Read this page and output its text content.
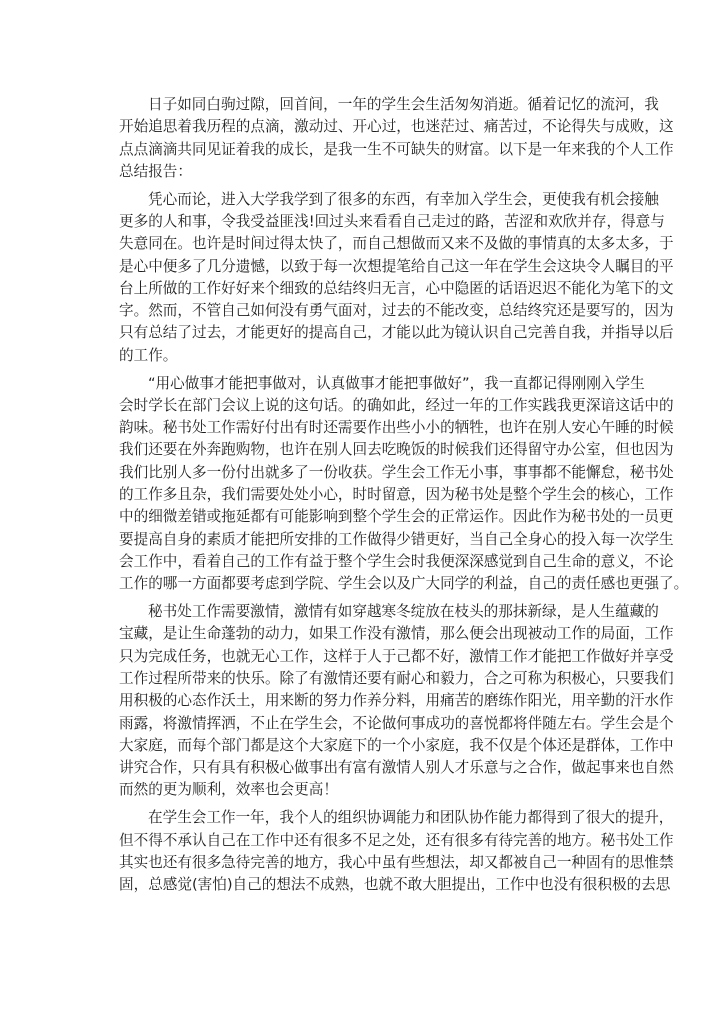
日子如同白驹过隙，回首间，一年的学生会生活匆匆消逝。循着记忆的流河，我
开始追思着我历程的点滴，激动过、开心过，也迷茫过、痛苦过，不论得失与成败，这
点点滴滴共同见证着我的成长，是我一生不可缺失的财富。以下是一年来我的个人工作
总结报告：
凭心而论，进入大学我学到了很多的东西，有幸加入学生会，更使我有机会接触
更多的人和事，令我受益匪浅!回过头来看看自己走过的路，苦涩和欢欣并存，得意与
失意同在。也许是时间过得太快了，而自己想做而又来不及做的事情真的太多太多，于
是心中便多了几分遗憾，以致于每一次想提笔给自己这一年在学生会这块令人瞩目的平
台上所做的工作好好来个细致的总结终归无言，心中隐匿的话语迟迟不能化为笔下的文
字。然而，不管自己如何没有勇气面对，过去的不能改变，总结终究还是要写的，因为
只有总结了过去，才能更好的提高自己，才能以此为镜认识自己完善自我，并指导以后
的工作。
“用心做事才能把事做对，认真做事才能把事做好”，我一直都记得刚刚入学生
会时学长在部门会议上说的这句话。的确如此，经过一年的工作实践我更深谙这话中的
韵味。秘书处工作需好付出有时还需要作出些小小的牺牲，也许在别人安心午睡的时候
我们还要在外奔跑购物，也许在别人回去吃晚饭的时候我们还得留守办公室，但也因为
我们比别人多一份付出就多了一份收获。学生会工作无小事，事事都不能懈怠，秘书处
的工作多且杂，我们需要处处小心，时时留意，因为秘书处是整个学生会的核心，工作
中的细微差错或拖延都有可能影响到整个学生会的正常运作。因此作为秘书处的一员更
要提高自身的素质才能把所安排的工作做得少错更好，当自己全身心的投入每一次学生
会工作中，看着自己的工作有益于整个学生会时我便深深感觉到自己生命的意义，不论
工作的哪一方面都要考虑到学院、学生会以及广大同学的利益，自己的责任感也更强了。
秘书处工作需要激情，激情有如穿越寒冬绽放在枝头的那抹新绿，是人生蕴藏的
宝藏，是让生命蓬勃的动力，如果工作没有激情，那么便会出现被动工作的局面，工作
只为完成任务，也就无心工作，这样于人于己都不好，激情工作才能把工作做好并享受
工作过程所带来的快乐。除了有激情还要有耐心和毅力，合之可称为积极心，只要我们
用积极的心态作沃土，用来断的努力作养分料，用痛苦的磨练作阳光，用辛勤的汗水作
雨露，将激情挥洒，不止在学生会，不论做何事成功的喜悦都将伴随左右。学生会是个
大家庭，而每个部门都是这个大家庭下的一个小家庭，我不仅是个体还是群体，工作中
讲究合作，只有具有积极心做事出有富有激情人别人才乐意与之合作，做起事来也自然
而然的更为顺利，效率也会更高！
在学生会工作一年，我个人的组织协调能力和团队协作能力都得到了很大的提升，
但不得不承认自己在工作中还有很多不足之处，还有很多有待完善的地方。秘书处工作
其实也还有很多急待完善的地方，我心中虽有些想法，却又都被自己一种固有的思惟禁
固，总感觉(害怕)自己的想法不成熟，也就不敢大胆提出，工作中也没有很积极的去思
